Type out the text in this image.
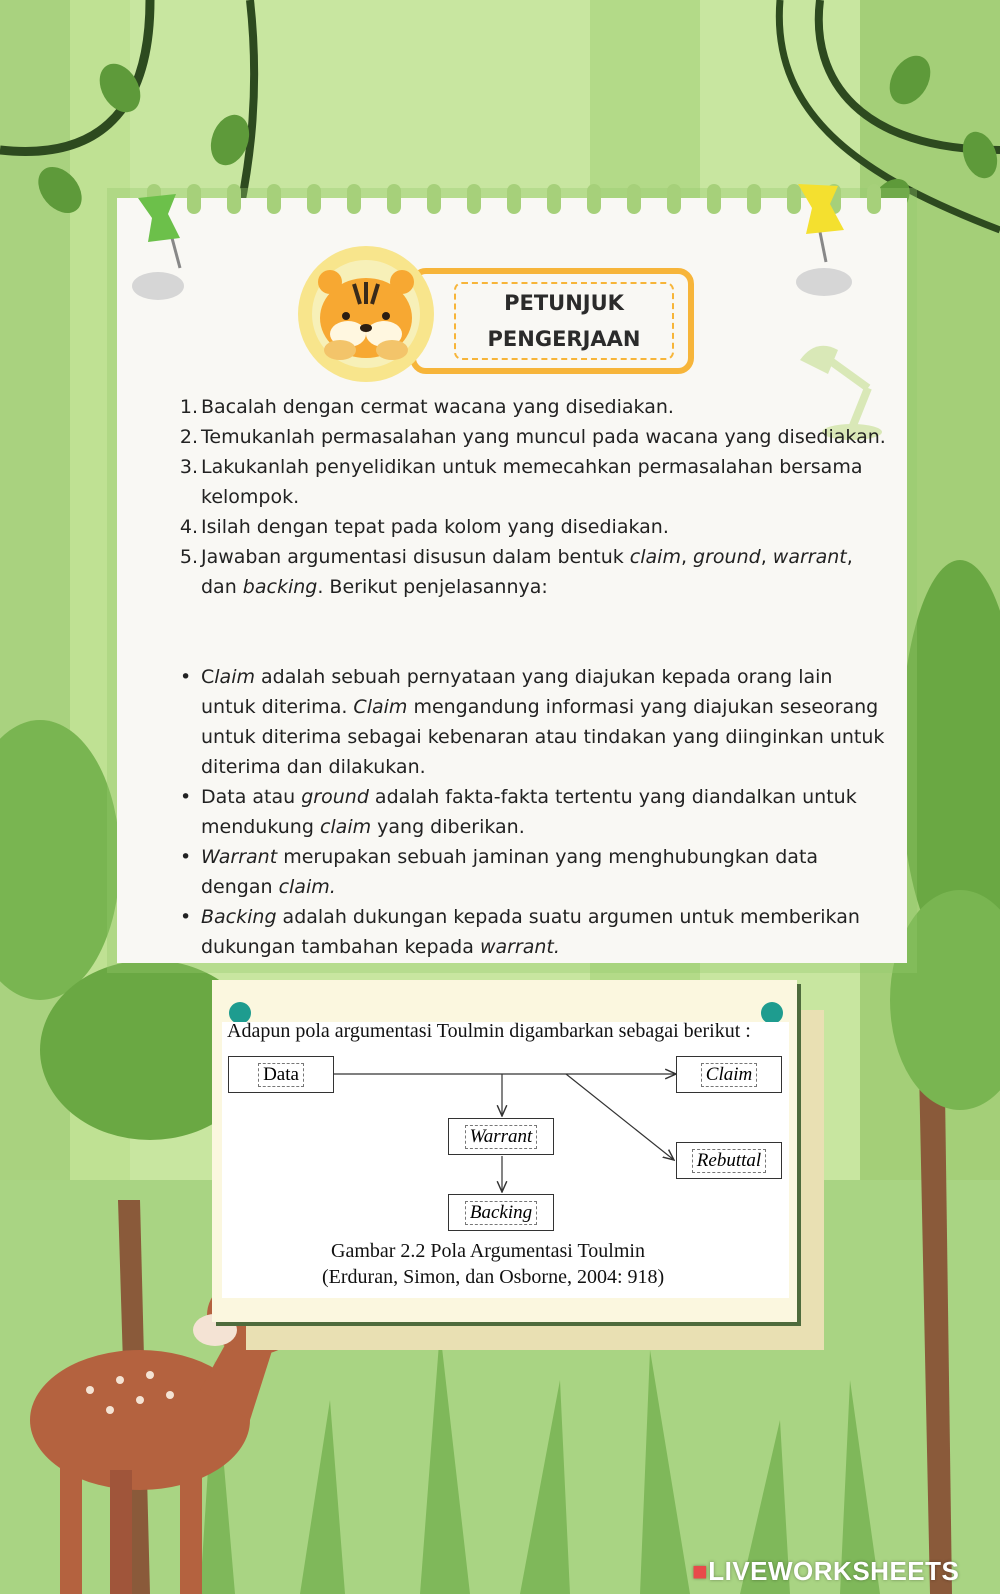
PETUNJUK
PENGERJAAN
1. Bacalah dengan cermat wacana yang disediakan.
2. Temukanlah permasalahan yang muncul pada wacana yang disediakan.
3. Lakukanlah penyelidikan untuk memecahkan permasalahan bersama kelompok.
4. Isilah dengan tepat pada kolom yang disediakan.
5. Jawaban argumentasi disusun dalam bentuk claim, ground, warrant, dan backing. Berikut penjelasannya:
• Claim adalah sebuah pernyataan yang diajukan kepada orang lain untuk diterima. Claim mengandung informasi yang diajukan seseorang untuk diterima sebagai kebenaran atau tindakan yang diinginkan untuk diterima dan dilakukan.
• Data atau ground adalah fakta-fakta tertentu yang diandalkan untuk mendukung claim yang diberikan.
• Warrant merupakan sebuah jaminan yang menghubungkan data dengan claim.
• Backing adalah dukungan kepada suatu argumen untuk memberikan dukungan tambahan kepada warrant.
Adapun pola argumentasi Toulmin digambarkan sebagai berikut :
Data	Claim
Warrant
Rebuttal
Backing
Gambar 2.2 Pola Argumentasi Toulmin
(Erduran, Simon, dan Osborne, 2004: 918)
■LIVEWORKSHEETS
